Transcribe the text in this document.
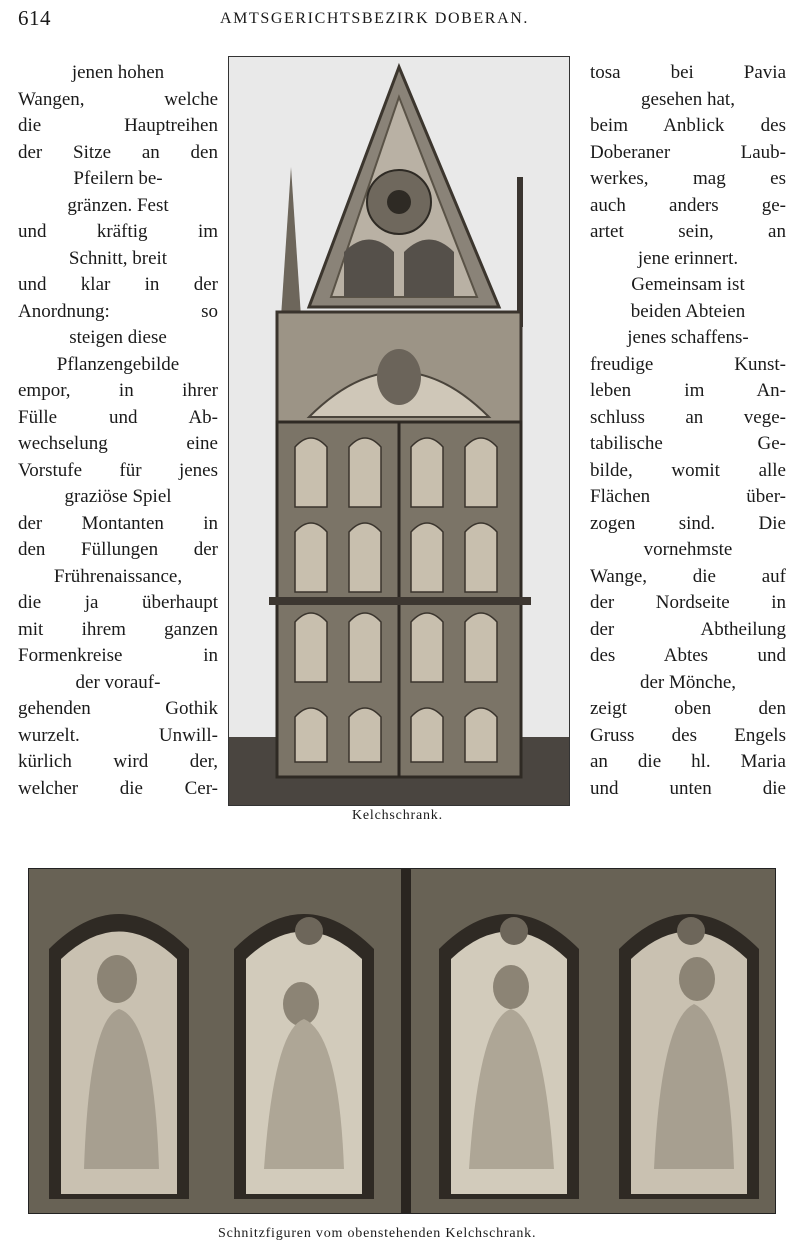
614	AMTSGERICHTSBEZIRK DOBERAN.
jenen hohen
Wangen, welche
die Hauptreihen
der Sitze an den
Pfeilern be-
gränzen. Fest
und kräftig im
Schnitt, breit
und klar in der
Anordnung: so
steigen diese
Pflanzengebilde
empor, in ihrer
Fülle und Ab-
wechselung eine
Vorstufe für jenes
graziöse Spiel
der Montanten in
den Füllungen der
Frührenaissance,
die ja überhaupt
mit ihrem ganzen
Formenkreise in
der vorauf-
gehenden Gothik
wurzelt. Unwill-
kürlich wird der,
welcher die Cer-
tosa bei Pavia
gesehen hat,
beim Anblick des
Doberaner Laub-
werkes, mag es
auch anders ge-
artet sein, an
jene erinnert.
Gemeinsam ist
beiden Abteien
jenes schaffens-
freudige Kunst-
leben im An-
schluss an vege-
tabilische Ge-
bilde, womit alle
Flächen über-
zogen sind. Die
vornehmste
Wange, die auf
der Nordseite in
der Abtheilung
des Abtes und
der Mönche,
zeigt oben den
Gruss des Engels
an die hl. Maria
und unten die
Kelchschrank.
Schnitzfiguren vom obenstehenden Kelchschrank.
